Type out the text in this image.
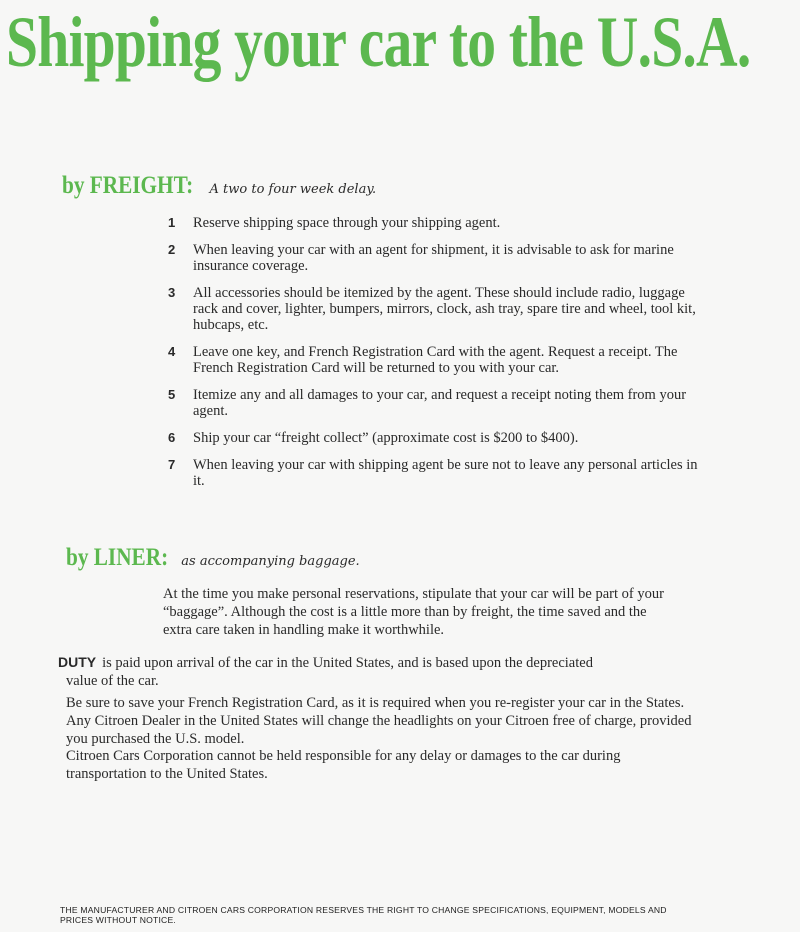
Shipping your car to the U.S.A.
by FREIGHT: A two to four week delay.
1	Reserve shipping space through your shipping agent.
2	When leaving your car with an agent for shipment, it is advisable to ask for marine insurance coverage.
3	All accessories should be itemized by the agent. These should include radio, luggage rack and cover, lighter, bumpers, mirrors, clock, ash tray, spare tire and wheel, tool kit, hubcaps, etc.
4	Leave one key, and French Registration Card with the agent. Request a receipt. The French Registration Card will be returned to you with your car.
5	Itemize any and all damages to your car, and request a receipt noting them from your agent.
6	Ship your car “freight collect” (approximate cost is $200 to $400).
7	When leaving your car with shipping agent be sure not to leave any personal articles in it.
by LINER: as accompanying baggage.

At the time you make personal reservations, stipulate that your car will be part of your “baggage”. Although the cost is a little more than by freight, the time saved and the extra care taken in handling make it worthwhile.

DUTY is paid upon arrival of the car in the United States, and is based upon the depreciated
value of the car.

Be sure to save your French Registration Card, as it is required when you re-register your car in the States. Any Citroen Dealer in the United States will change the headlights on your Citroen free of charge, provided you purchased the U.S. model.

Citroen Cars Corporation cannot be held responsible for any delay or damages to the car during transportation to the United States.

THE MANUFACTURER AND CITROEN CARS CORPORATION RESERVES THE RIGHT TO CHANGE SPECIFICATIONS, EQUIPMENT, MODELS AND PRICES WITHOUT NOTICE.
